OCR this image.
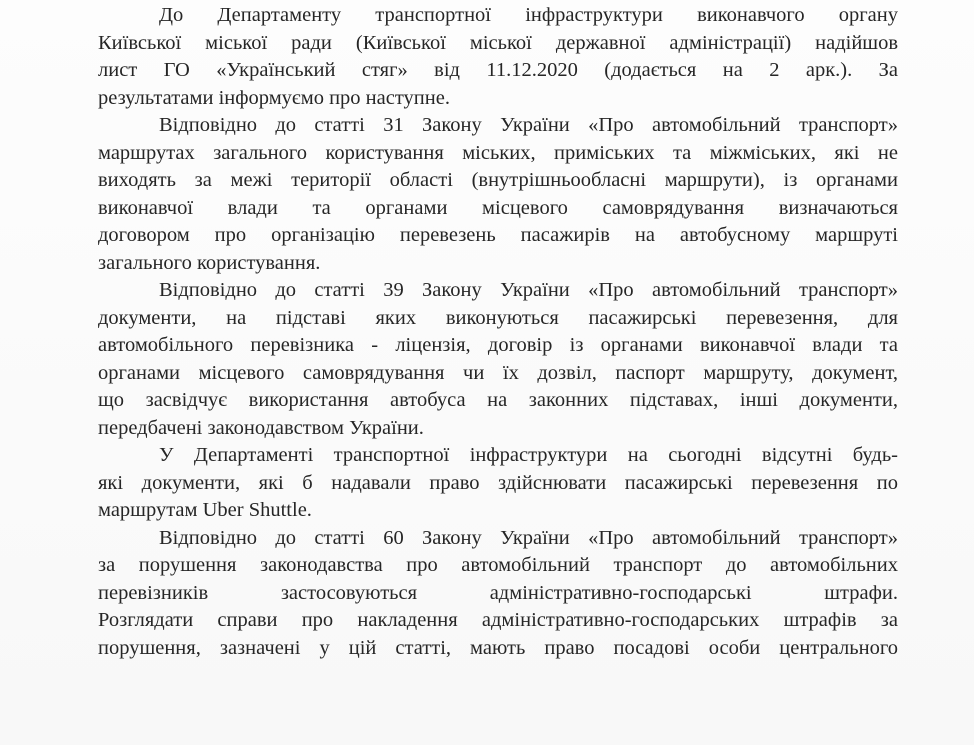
До Департаменту транспортної інфраструктури виконавчого органу
Київської міської ради (Київської міської державної адміністрації) надійшов
лист ГО «Український стяг» від 11.12.2020 (додається на 2 арк.). За
результатами інформуємо про наступне.
Відповідно до статті 31 Закону України «Про автомобільний транспорт»
маршрутах загального користування міських, приміських та міжміських, які не
виходять за межі території області (внутрішньообласні маршрути), із органами
виконавчої влади та органами місцевого самоврядування визначаються
договором про організацію перевезень пасажирів на автобусному маршруті
загального користування.
Відповідно до статті 39 Закону України «Про автомобільний транспорт»
документи, на підставі яких виконуються пасажирські перевезення, для
автомобільного перевізника - ліцензія, договір із органами виконавчої влади та
органами місцевого самоврядування чи їх дозвіл, паспорт маршруту, документ,
що засвідчує використання автобуса на законних підставах, інші документи,
передбачені законодавством України.
У Департаменті транспортної інфраструктури на сьогодні відсутні будь-
які документи, які б надавали право здійснювати пасажирські перевезення по
маршрутам Uber Shuttle.
Відповідно до статті 60 Закону України «Про автомобільний транспорт»
за порушення законодавства про автомобільний транспорт до автомобільних
перевізників застосовуються адміністративно-господарські штрафи.
Розглядати справи про накладення адміністративно-господарських штрафів за
порушення, зазначені у цій статті, мають право посадові особи центрального
